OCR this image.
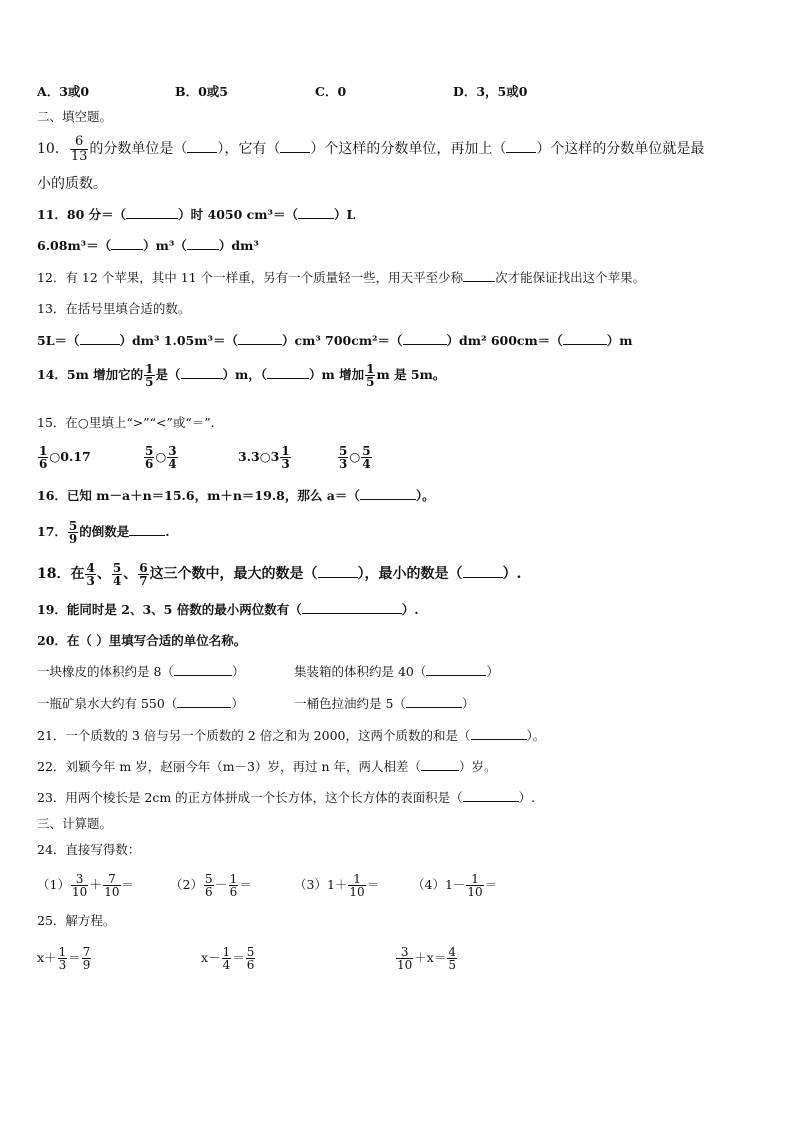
A．3或0	B．0或5	C．0	D．3，5或0
二、填空题。
10． $\frac{6}{13}$ 的分数单位是（ ），它有（ ）个这样的分数单位，再加上（ ）个这样的分数单位就是最
小的质数。
11．80 分＝（	）时 4050 cm³＝（	）L
6.08m³＝（	）m³（	）dm³
12．有 12 个苹果，其中 11 个一样重，另有一个质量轻一些，用天平至少称	次才能保证找出这个苹果。
13．在括号里填合适的数。
5L＝（	）dm³ 1.05m³＝（	）cm³ 700cm²＝（	）dm² 600cm＝（	）m
14．5m 增加它的 $\frac{1}{5}$ 是（	）m，（	）m 增加 $\frac{1}{5}$ m 是 5m。
15．在○里填上“>”“<”或“＝”.
$\frac{1}{6}$ ○0.17	$\frac{5}{6}$ ○ $\frac{3}{4}$	3.3○3 $\frac{1}{3}$	$\frac{5}{3}$ ○ $\frac{5}{4}$
16．已知 m－a＋n＝15.6，m＋n＝19.8，那么 a＝（	）。
17． $\frac{5}{9}$ 的倒数是	.
18．在 $\frac{4}{3}$ 、 $\frac{5}{4}$ 、 $\frac{6}{7}$ 这三个数中，最大的数是（	），最小的数是（	）.
19．能同时是 2、3、5 倍数的最小两位数有（	）.
20．在（ ）里填写合适的单位名称。
一块橡皮的体积约是 8（	）	集装箱的体积约是 40（	）
一瓶矿泉水大约有 550（	）	一桶色拉油约是 5（	）
21．一个质数的 3 倍与另一个质数的 2 倍之和为 2000，这两个质数的和是（	）。
22．刘颖今年 m 岁，赵丽今年（m－3）岁，再过 n 年，两人相差（	）岁。
23．用两个棱长是 2cm 的正方体拼成一个长方体，这个长方体的表面积是（	）.
三、计算题。
24．直接写得数：
$(1) \frac{3}{10} + \frac{7}{10}$ ＝	$(2) \frac{5}{6} - \frac{1}{6}$ ＝	$(3)1+ \frac{1}{10}$ ＝	$(4)1- \frac{1}{10}$ ＝
25．解方程。
$x+ \frac{1}{3} = \frac{7}{9}$	$x- \frac{1}{4} = \frac{5}{6}$	$\frac{3}{10} +x= \frac{4}{5}$
